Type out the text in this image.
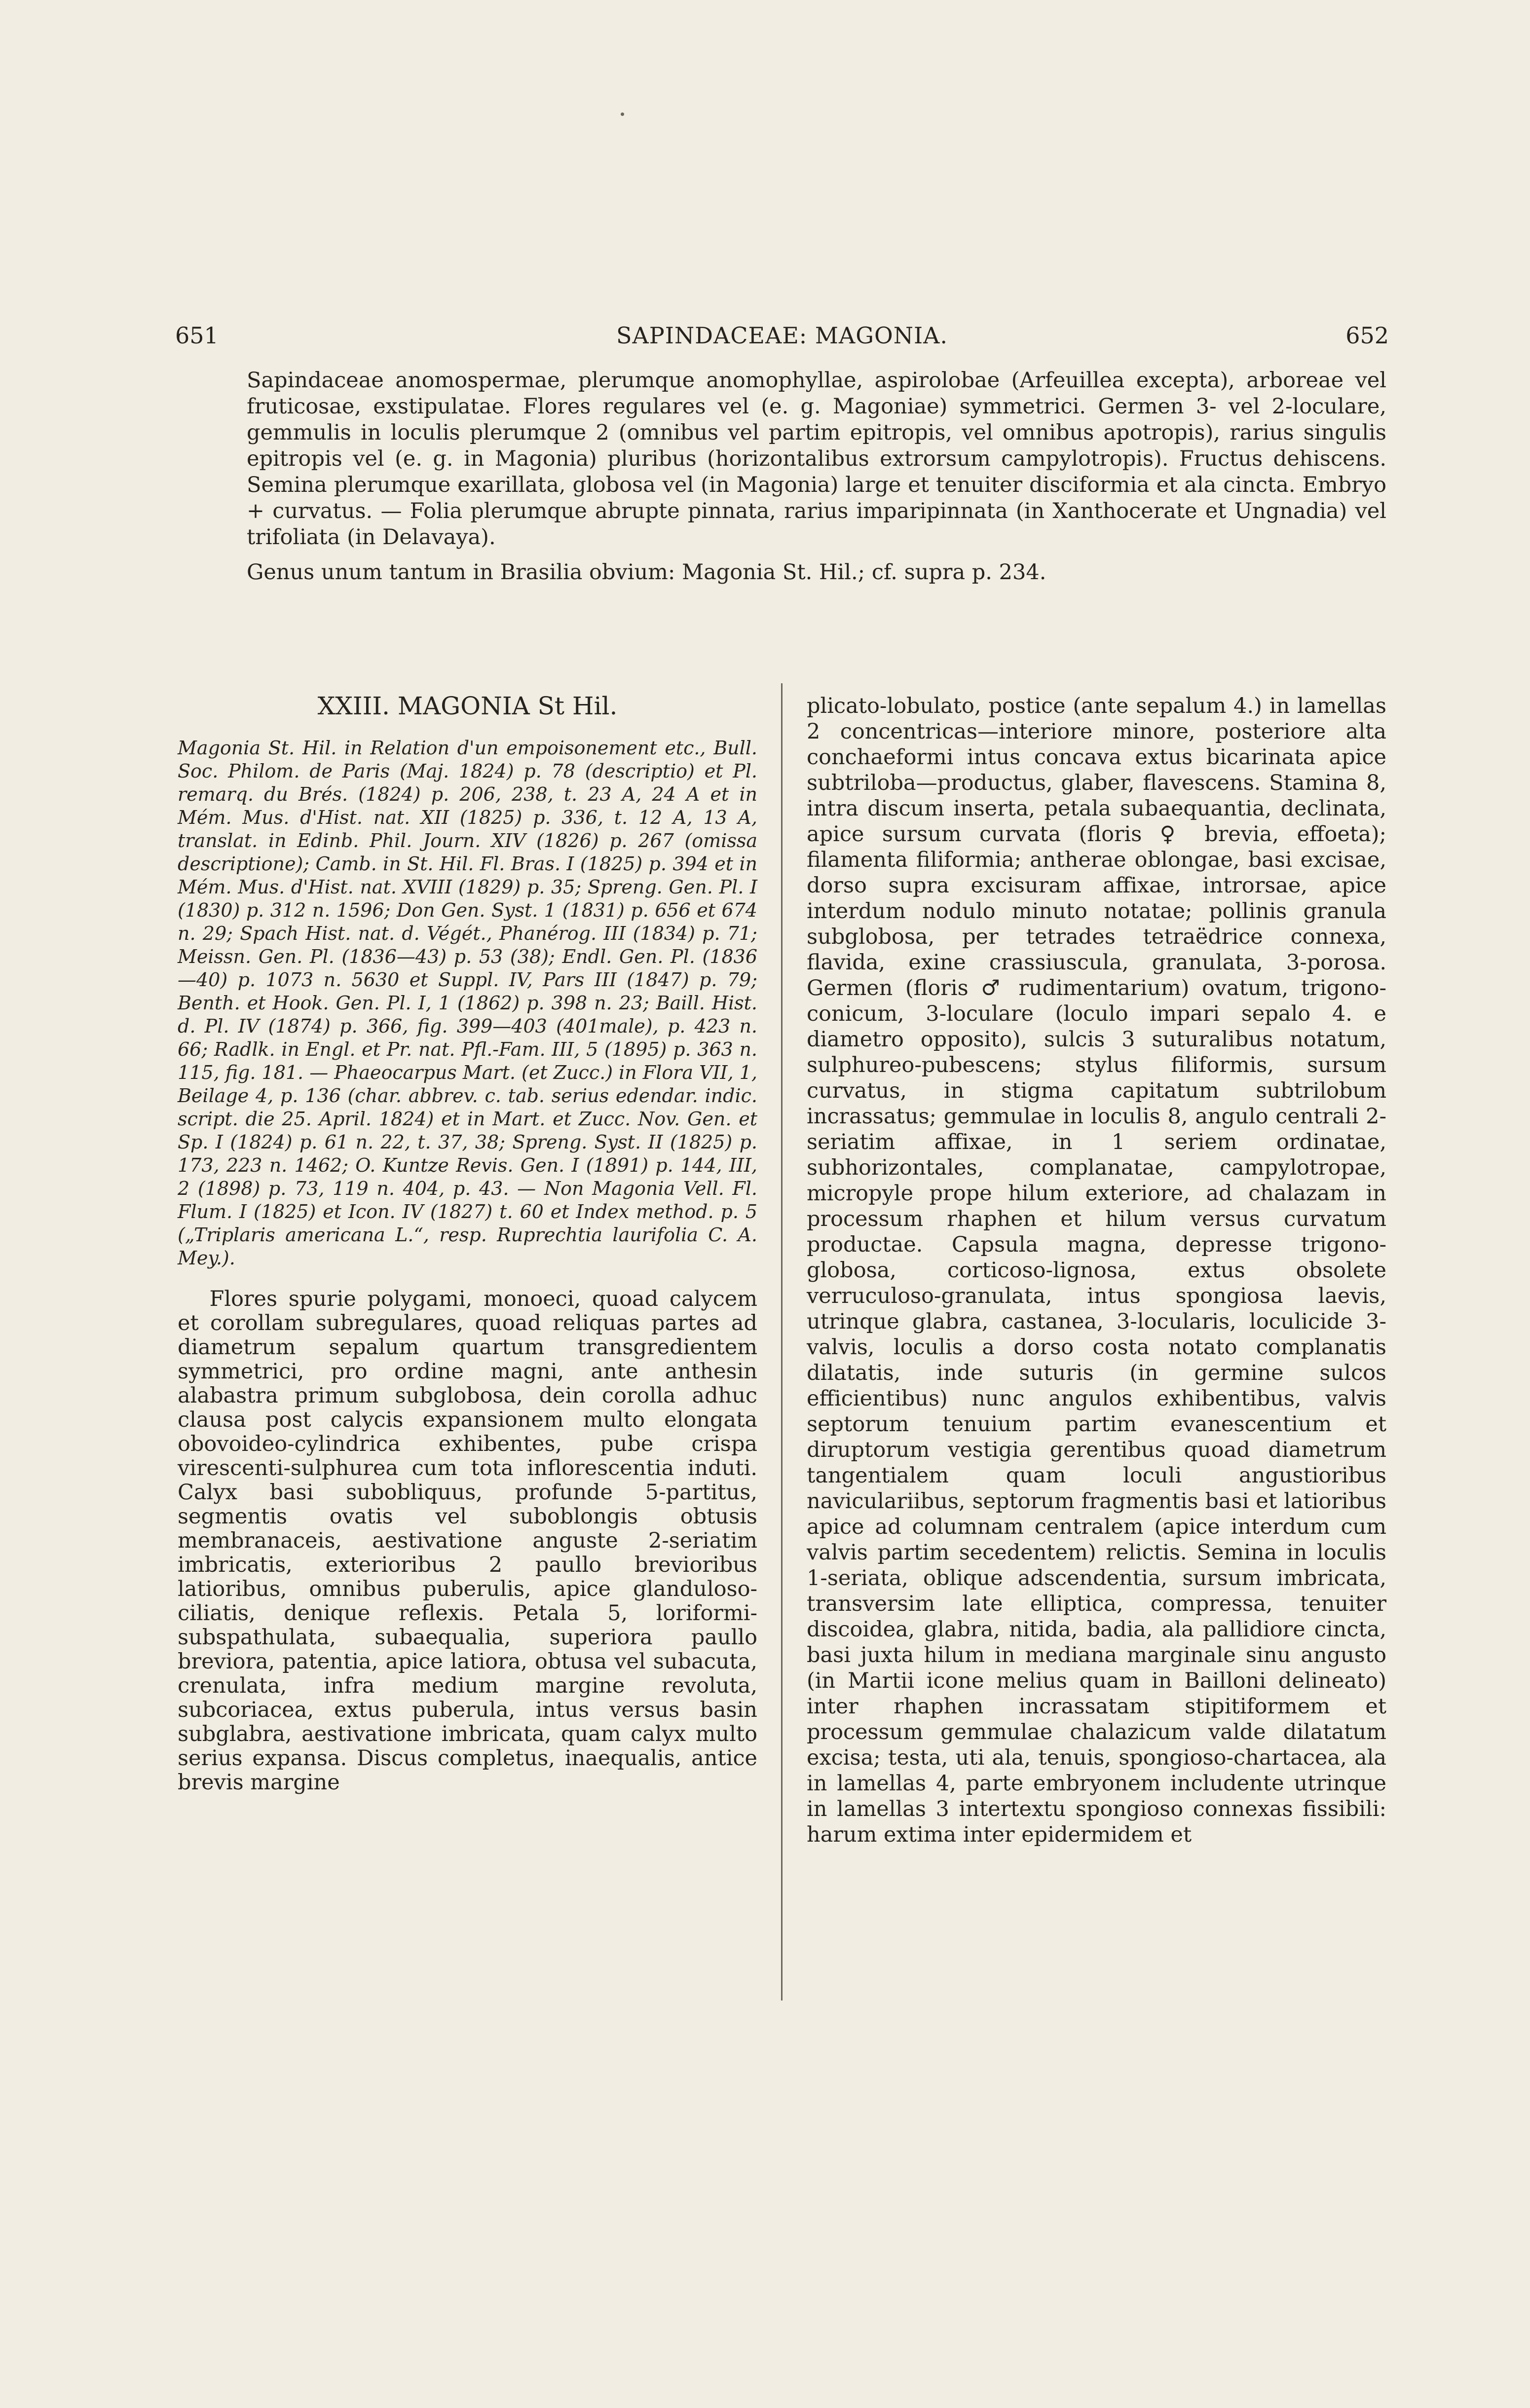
651	SAPINDACEAE: MAGONIA.	652

Sapindaceae anomospermae, plerumque anomophyllae, aspirolobae (Arfeuillea excepta), arboreae vel fruticosae, exstipulatae. Flores regulares vel (e. g. Magoniae) symmetrici. Germen 3- vel 2-loculare, gemmulis in loculis plerumque 2 (omnibus vel partim epitropis, vel omnibus apotropis), rarius singulis epitropis vel (e. g. in Magonia) pluribus (horizontalibus extrorsum campylotropis). Fructus dehiscens. Semina plerumque exarillata, globosa vel (in Magonia) large et tenuiter disciformia et ala cincta. Embryo + curvatus. — Folia plerumque abrupte pinnata, rarius imparipinnata (in Xanthocerate et Ungnadia) vel trifoliata (in Delavaya).

Genus unum tantum in Brasilia obvium: Magonia St. Hil.; cf. supra p. 234.

XXIII. MAGONIA St Hil.
Magonia St. Hil. in Relation d'un empoisonement etc., Bull. Soc. Philom. de Paris (Maj. 1824) p. 78 (descriptio) et Pl. remarq. du Brés. (1824) p. 206, 238, t. 23 A, 24 A et in Mém. Mus. d'Hist. nat. XII (1825) p. 336, t. 12 A, 13 A, translat. in Edinb. Phil. Journ. XIV (1826) p. 267 (omissa descriptione); Camb. in St. Hil. Fl. Bras. I (1825) p. 394 et in Mém. Mus. d'Hist. nat. XVIII (1829) p. 35; Spreng. Gen. Pl. I (1830) p. 312 n. 1596; Don Gen. Syst. 1 (1831) p. 656 et 674 n. 29; Spach Hist. nat. d. Végét., Phanérog. III (1834) p. 71; Meissn. Gen. Pl. (1836—43) p. 53 (38); Endl. Gen. Pl. (1836—40) p. 1073 n. 5630 et Suppl. IV, Pars III (1847) p. 79; Benth. et Hook. Gen. Pl. I, 1 (1862) p. 398 n. 23; Baill. Hist. d. Pl. IV (1874) p. 366, fig. 399—403 (401male), p. 423 n. 66; Radlk. in Engl. et Pr. nat. Pfl.-Fam. III, 5 (1895) p. 363 n. 115, fig. 181. — Phaeocarpus Mart. (et Zucc.) in Flora VII, 1, Beilage 4, p. 136 (char. abbrev. c. tab. serius edendar. indic. script. die 25. April. 1824) et in Mart. et Zucc. Nov. Gen. et Sp. I (1824) p. 61 n. 22, t. 37, 38; Spreng. Syst. II (1825) p. 173, 223 n. 1462; O. Kuntze Revis. Gen. I (1891) p. 144, III, 2 (1898) p. 73, 119 n. 404, p. 43. — Non Magonia Vell. Fl. Flum. I (1825) et Icon. IV (1827) t. 60 et Index method. p. 5 („Triplaris americana L.“, resp. Ruprechtia laurifolia C. A. Mey.).

Flores spurie polygami, monoeci, quoad calycem et corollam subregulares, quoad reliquas partes ad diametrum sepalum quartum transgredientem symmetrici, pro ordine magni, ante anthesin alabastra primum subglobosa, dein corolla adhuc clausa post calycis expansionem multo elongata obovoideo-cylindrica exhibentes, pube crispa virescenti-sulphurea cum tota inflorescentia induti. Calyx basi subobliquus, profunde 5-partitus, segmentis ovatis vel suboblongis obtusis membranaceis, aestivatione anguste 2-seriatim imbricatis, exterioribus 2 paullo brevioribus latioribus, omnibus puberulis, apice glanduloso-ciliatis, denique reflexis. Petala 5, loriformi-subspathulata, subaequalia, superiora paullo breviora, patentia, apice latiora, obtusa vel subacuta, crenulata, infra medium margine revoluta, subcoriacea, extus puberula, intus versus basin subglabra, aestivatione imbricata, quam calyx multo serius expansa. Discus completus, inaequalis, antice brevis margine

plicato-lobulato, postice (ante sepalum 4.) in lamellas 2 concentricas—interiore minore, posteriore alta conchaeformi intus concava extus bicarinata apice subtriloba—productus, glaber, flavescens. Stamina 8, intra discum inserta, petala subaequantia, declinata, apice sursum curvata (floris ♀ brevia, effoeta); filamenta filiformia; antherae oblongae, basi excisae, dorso supra excisuram affixae, introrsae, apice interdum nodulo minuto notatae; pollinis granula subglobosa, per tetrades tetraëdrice connexa, flavida, exine crassiuscula, granulata, 3-porosa. Germen (floris ♂ rudimentarium) ovatum, trigono-conicum, 3-loculare (loculo impari sepalo 4. e diametro opposito), sulcis 3 suturalibus notatum, sulphureo-pubescens; stylus filiformis, sursum curvatus, in stigma capitatum subtrilobum incrassatus; gemmulae in loculis 8, angulo centrali 2-seriatim affixae, in 1 seriem ordinatae, subhorizontales, complanatae, campylotropae, micropyle prope hilum exteriore, ad chalazam in processum rhaphen et hilum versus curvatum productae. Capsula magna, depresse trigono-globosa, corticoso-lignosa, extus obsolete verruculoso-granulata, intus spongiosa laevis, utrinque glabra, castanea, 3-locularis, loculicide 3-valvis, loculis a dorso costa notato complanatis dilatatis, inde suturis (in germine sulcos efficientibus) nunc angulos exhibentibus, valvis septorum tenuium partim evanescentium et diruptorum vestigia gerentibus quoad diametrum tangentialem quam loculi angustioribus naviculariibus, septorum fragmentis basi et latioribus apice ad columnam centralem (apice interdum cum valvis partim secedentem) relictis. Semina in loculis 1-seriata, oblique adscendentia, sursum imbricata, transversim late elliptica, compressa, tenuiter discoidea, glabra, nitida, badia, ala pallidiore cincta, basi juxta hilum in mediana marginale sinu angusto (in Martii icone melius quam in Bailloni delineato) inter rhaphen incrassatam stipitiformem et processum gemmulae chalazicum valde dilatatum excisa; testa, uti ala, tenuis, spongioso-chartacea, ala in lamellas 4, parte embryonem includente utrinque in lamellas 3 intertextu spongioso connexas fissibili: harum extima inter epidermidem et
